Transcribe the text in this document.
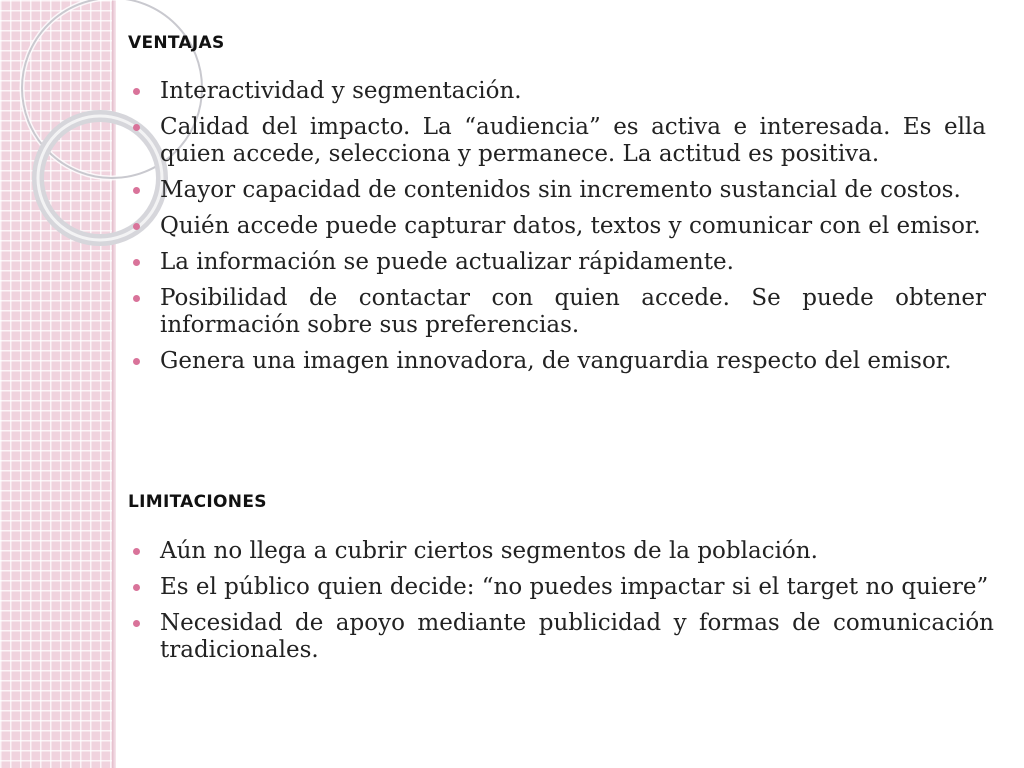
VENTAJAS
Interactividad y segmentación.
Calidad del impacto. La “audiencia” es activa e interesada. Es ella quien accede, selecciona y permanece. La actitud es positiva.
Mayor capacidad de contenidos sin incremento sustancial de costos.
Quién accede puede capturar datos, textos y comunicar con el emisor.
La información se puede actualizar rápidamente.
Posibilidad de contactar con quien accede. Se puede obtener información sobre sus preferencias.
Genera una imagen innovadora, de vanguardia respecto del emisor.
LIMITACIONES
Aún no llega a cubrir ciertos segmentos de la población.
Es el público quien decide: “no puedes impactar si el target no quiere”
Necesidad de apoyo mediante publicidad y formas de comunicación tradicionales.
